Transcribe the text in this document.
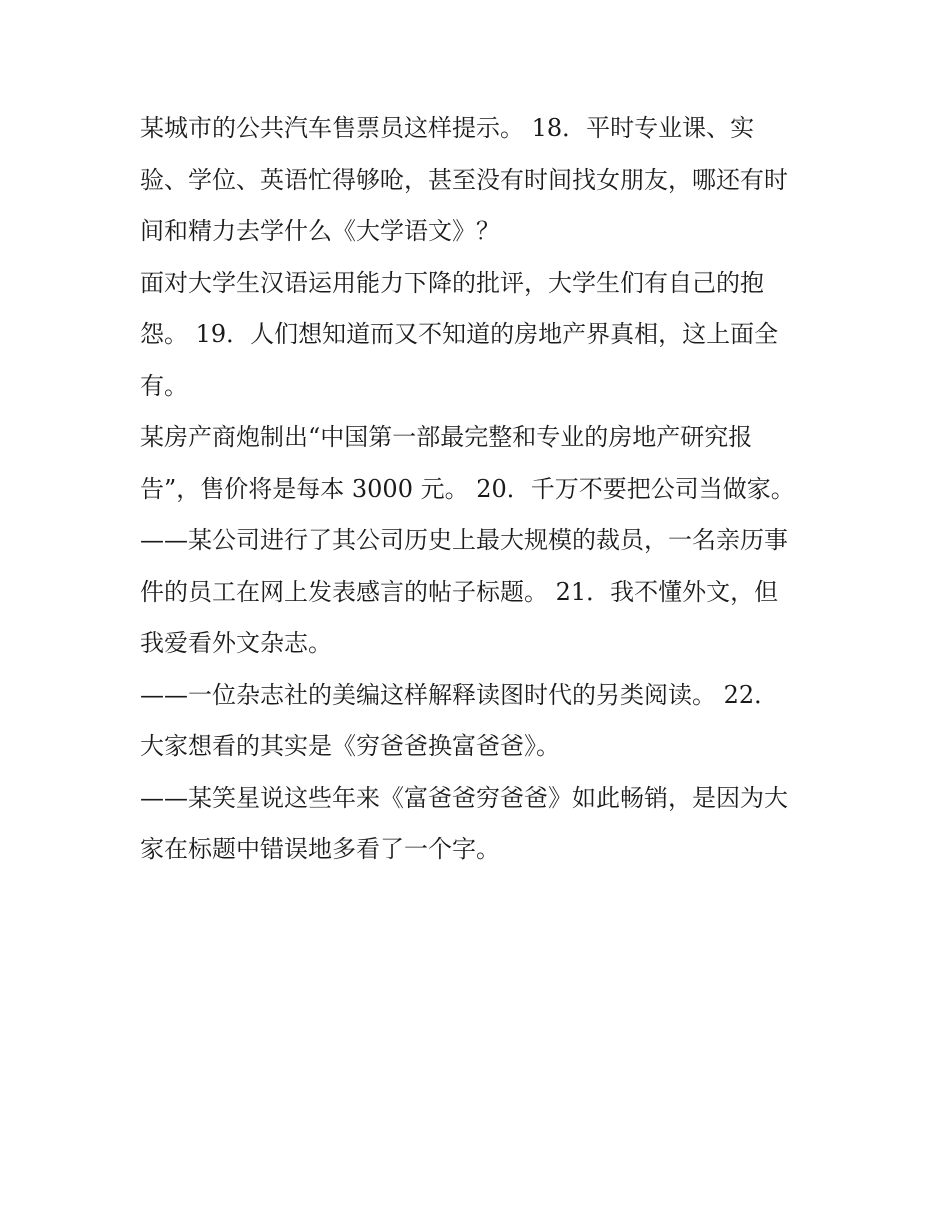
某城市的公共汽车售票员这样提示。 18．平时专业课、实
验、学位、英语忙得够呛，甚至没有时间找女朋友，哪还有时
间和精力去学什么《大学语文》？
面对大学生汉语运用能力下降的批评，大学生们有自己的抱
怨。 19．人们想知道而又不知道的房地产界真相，这上面全
有。
某房产商炮制出“中国第一部最完整和专业的房地产研究报
告”，售价将是每本 3000 元。 20．千万不要把公司当做家。
——某公司进行了其公司历史上最大规模的裁员，一名亲历事
件的员工在网上发表感言的帖子标题。 21．我不懂外文，但
我爱看外文杂志。
——一位杂志社的美编这样解释读图时代的另类阅读。 22．
大家想看的其实是《穷爸爸换富爸爸》。
——某笑星说这些年来《富爸爸穷爸爸》如此畅销，是因为大
家在标题中错误地多看了一个字。
